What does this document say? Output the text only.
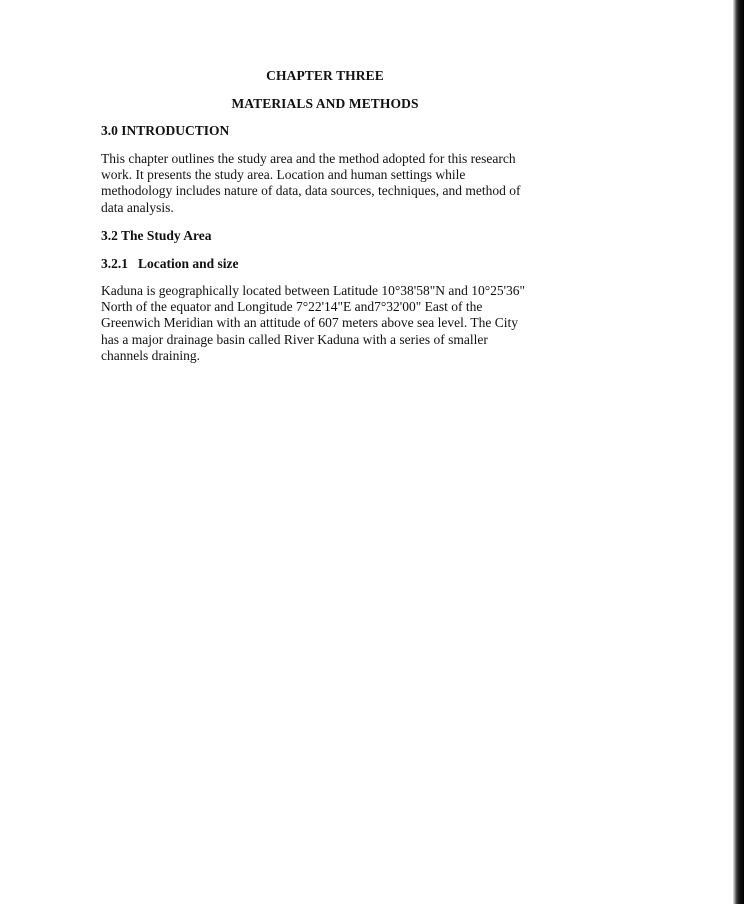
CHAPTER THREE

MATERIALS AND METHODS

3.0 INTRODUCTION

This chapter outlines the study area and the method adopted for this research
work. It presents the study area. Location and human settings while
methodology includes nature of data, data sources, techniques, and method of
data analysis.

3.2 The Study Area

3.2.1 Location and size

Kaduna is geographically located between Latitude 10°38'58"N and 10°25'36"
North of the equator and Longitude 7°22'14"E and7°32'00" East of the
Greenwich Meridian with an attitude of 607 meters above sea level. The City
has a major drainage basin called River Kaduna with a series of smaller
channels draining.
